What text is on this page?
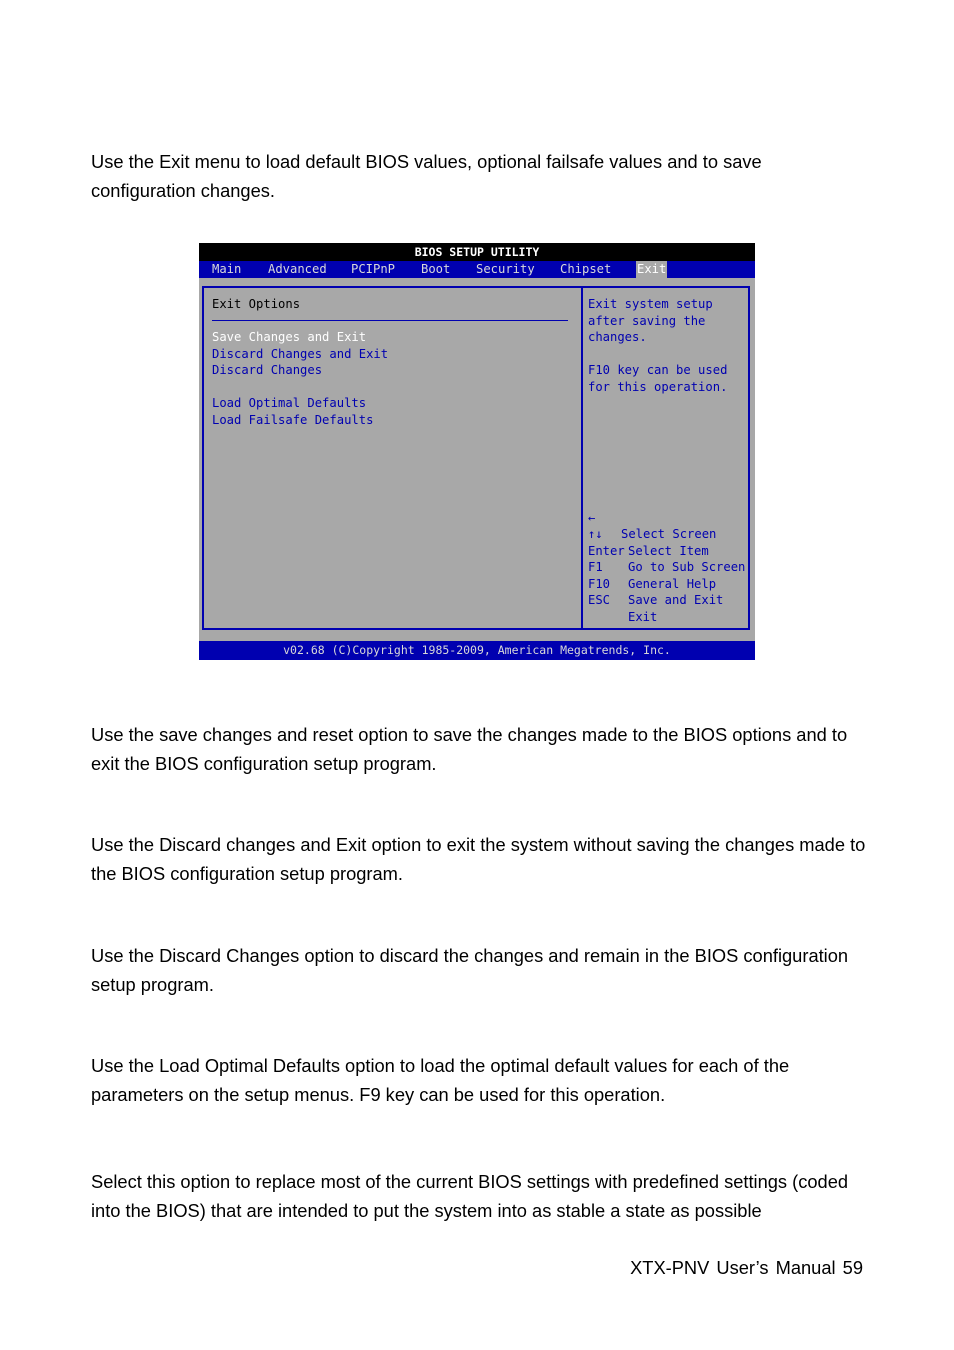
Use the Exit menu to load default BIOS values, optional failsafe values and to save configuration changes.

BIOS SETUP UTILITY
Main Advanced PCIPnP Boot Security Chipset Exit
Exit Options
Save Changes and Exit
Discard Changes and Exit
Discard Changes
Load Optimal Defaults
Load Failsafe Defaults
Exit system setup
after saving the
changes.
F10 key can be used
for this operation.

←

Select Screen

↑↓

Select Item

Enter

Go to Sub Screen

F1

General Help

F10

Save and Exit

ESC

Exit

v02.68 (C)Copyright 1985-2009, American Megatrends, Inc.

Use the save changes and reset option to save the changes made to the BIOS options and to exit the BIOS configuration setup program.

Use the Discard changes and Exit option to exit the system without saving the changes made to the BIOS configuration setup program.

Use the Discard Changes option to discard the changes and remain in the BIOS configuration setup program.

Use the Load Optimal Defaults option to load the optimal default values for each of the parameters on the setup menus. F9 key can be used for this operation.

Select this option to replace most of the current BIOS settings with predefined settings (coded into the BIOS) that are intended to put the system into as stable a state as possible

XTX-PNV User’s Manual 59
